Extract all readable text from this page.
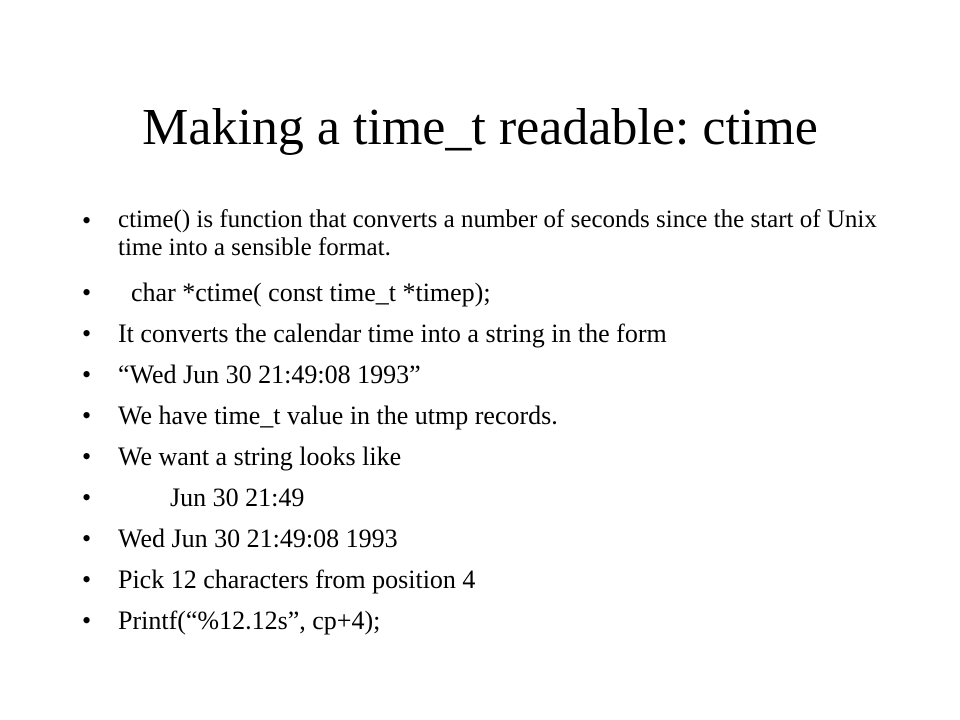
Making a time_t readable: ctime
•	ctime() is function that converts a number of seconds since the start of Unix time into a sensible format.
•	char *ctime( const time_t *timep);
•	It converts the calendar time into a string in the form
•	“Wed Jun 30 21:49:08 1993”
•	We have time_t value in the utmp records.
•	We want a string looks like
•	Jun 30 21:49
•	Wed Jun 30 21:49:08 1993
•	Pick 12 characters from position 4
•	Printf(“%12.12s”, cp+4);
